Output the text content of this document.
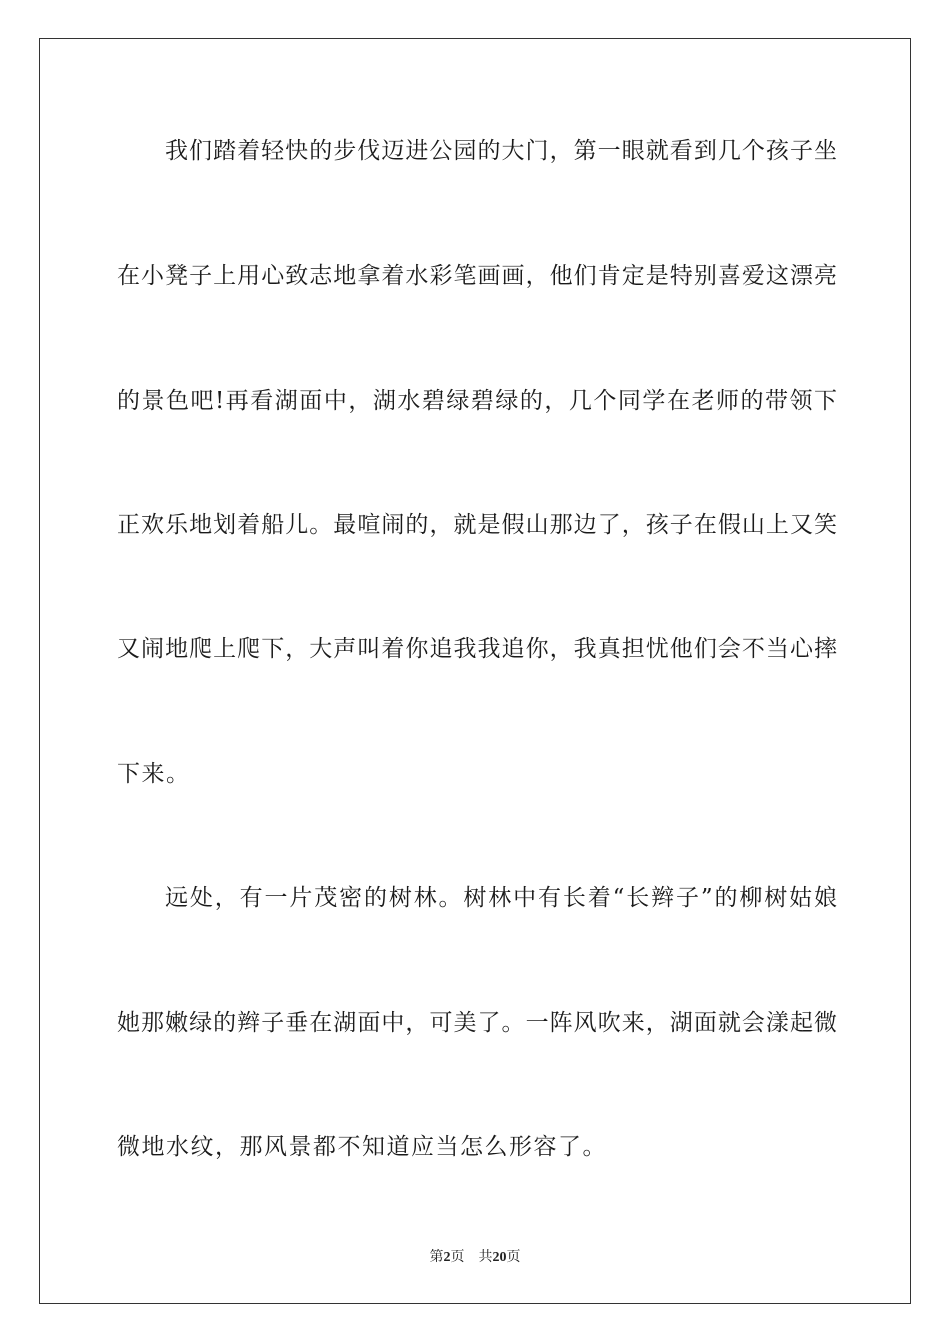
我们踏着轻快的步伐迈进公园的大门，第一眼就看到几个孩子坐
在小凳子上用心致志地拿着水彩笔画画，他们肯定是特别喜爱这漂亮
的景色吧!再看湖面中，湖水碧绿碧绿的，几个同学在老师的带领下
正欢乐地划着船儿。最喧闹的，就是假山那边了，孩子在假山上又笑
又闹地爬上爬下，大声叫着你追我我追你，我真担忧他们会不当心摔
下来。
远处，有一片茂密的树林。树林中有长着“长辫子”的柳树姑娘
她那嫩绿的辫子垂在湖面中，可美了。一阵风吹来，湖面就会漾起微
微地水纹，那风景都不知道应当怎么形容了。
第2页 共20页
